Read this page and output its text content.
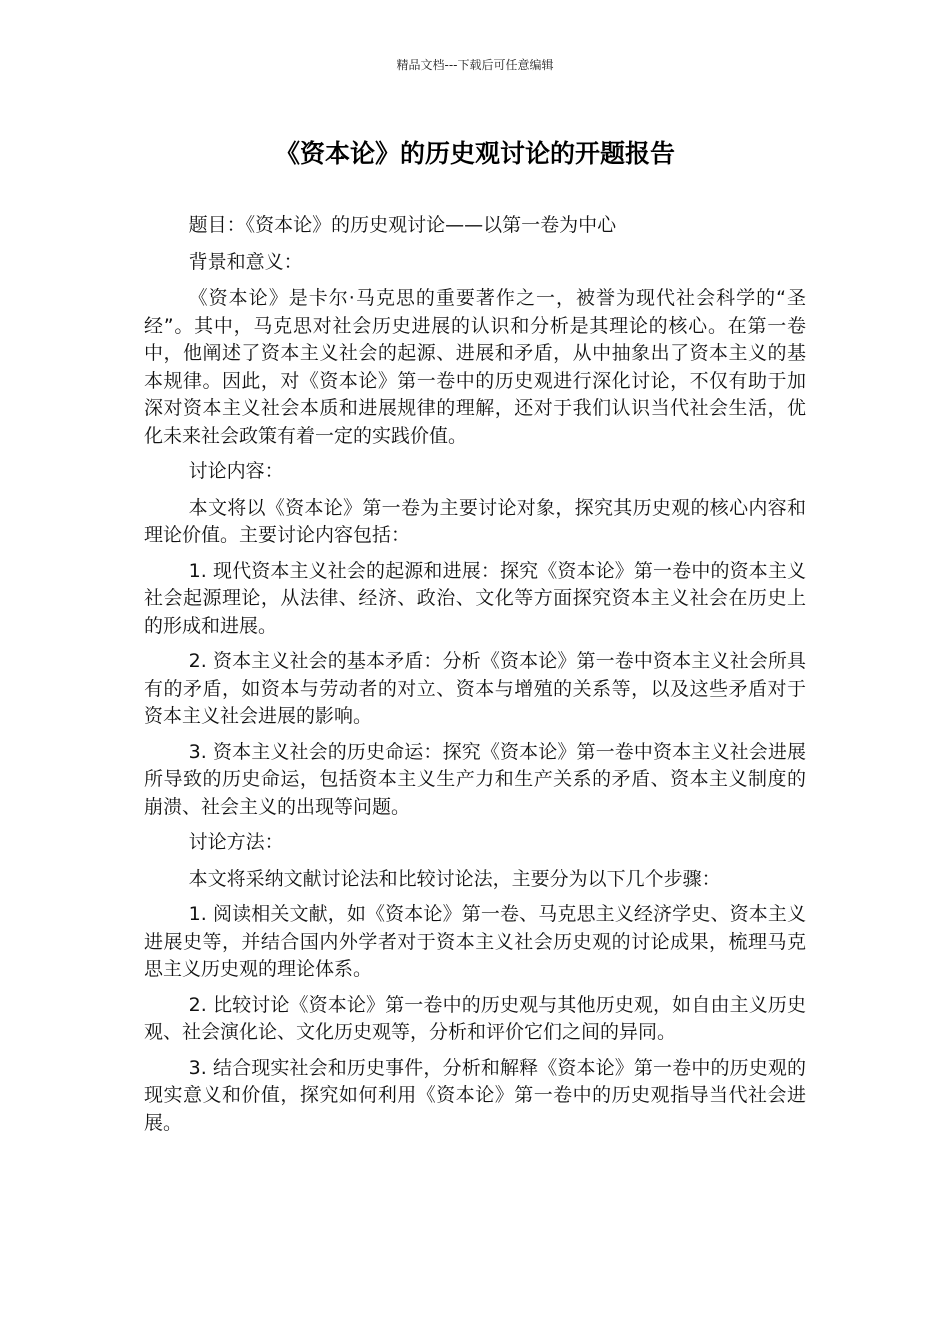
精品文档---下载后可任意编辑
《资本论》的历史观讨论的开题报告

题目：《资本论》的历史观讨论——以第一卷为中心

背景和意义：

《资本论》是卡尔·马克思的重要著作之一，被誉为现代社会科学的“圣经”。其中，马克思对社会历史进展的认识和分析是其理论的核心。在第一卷中，他阐述了资本主义社会的起源、进展和矛盾，从中抽象出了资本主义的基本规律。因此，对《资本论》第一卷中的历史观进行深化讨论，不仅有助于加深对资本主义社会本质和进展规律的理解，还对于我们认识当代社会生活，优化未来社会政策有着一定的实践价值。

讨论内容：

本文将以《资本论》第一卷为主要讨论对象，探究其历史观的核心内容和理论价值。主要讨论内容包括：

1. 现代资本主义社会的起源和进展：探究《资本论》第一卷中的资本主义社会起源理论，从法律、经济、政治、文化等方面探究资本主义社会在历史上的形成和进展。

2. 资本主义社会的基本矛盾：分析《资本论》第一卷中资本主义社会所具有的矛盾，如资本与劳动者的对立、资本与增殖的关系等，以及这些矛盾对于资本主义社会进展的影响。

3. 资本主义社会的历史命运：探究《资本论》第一卷中资本主义社会进展所导致的历史命运，包括资本主义生产力和生产关系的矛盾、资本主义制度的崩溃、社会主义的出现等问题。

讨论方法：

本文将采纳文献讨论法和比较讨论法，主要分为以下几个步骤：

1. 阅读相关文献，如《资本论》第一卷、马克思主义经济学史、资本主义进展史等，并结合国内外学者对于资本主义社会历史观的讨论成果，梳理马克思主义历史观的理论体系。

2. 比较讨论《资本论》第一卷中的历史观与其他历史观，如自由主义历史观、社会演化论、文化历史观等，分析和评价它们之间的异同。

3. 结合现实社会和历史事件，分析和解释《资本论》第一卷中的历史观的现实意义和价值，探究如何利用《资本论》第一卷中的历史观指导当代社会进展。
